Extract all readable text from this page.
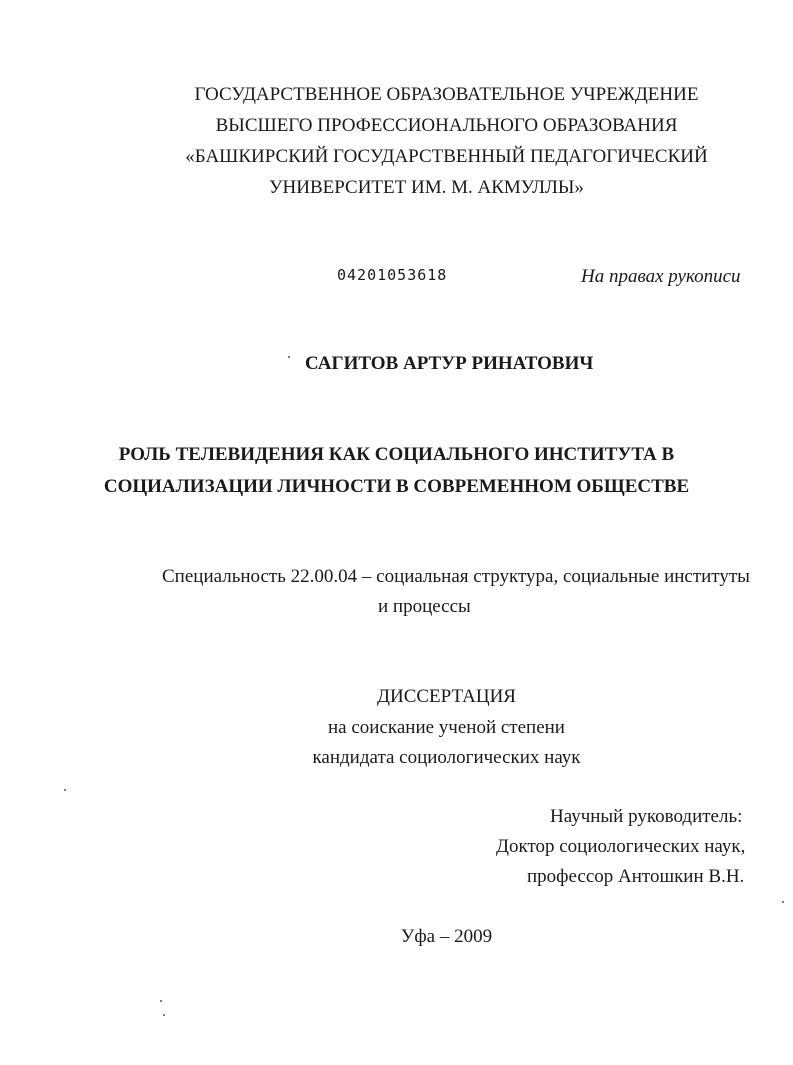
ГОСУДАРСТВЕННОЕ ОБРАЗОВАТЕЛЬНОЕ УЧРЕЖДЕНИЕ
ВЫСШЕГО ПРОФЕССИОНАЛЬНОГО ОБРАЗОВАНИЯ
«БАШКИРСКИЙ ГОСУДАРСТВЕННЫЙ ПЕДАГОГИЧЕСКИЙ
УНИВЕРСИТЕТ ИМ. М. АКМУЛЛЫ»
04201053618	На правах рукописи
САГИТОВ АРТУР РИНАТОВИЧ
РОЛЬ ТЕЛЕВИДЕНИЯ КАК СОЦИАЛЬНОГО ИНСТИТУТА В
СОЦИАЛИЗАЦИИ ЛИЧНОСТИ В СОВРЕМЕННОМ ОБЩЕСТВЕ
Специальность 22.00.04 – социальная структура, социальные институты
и процессы
ДИССЕРТАЦИЯ
на соискание ученой степени
кандидата социологических наук
Научный руководитель:
Доктор социологических наук,
профессор Антошкин В.Н.
Уфа – 2009
